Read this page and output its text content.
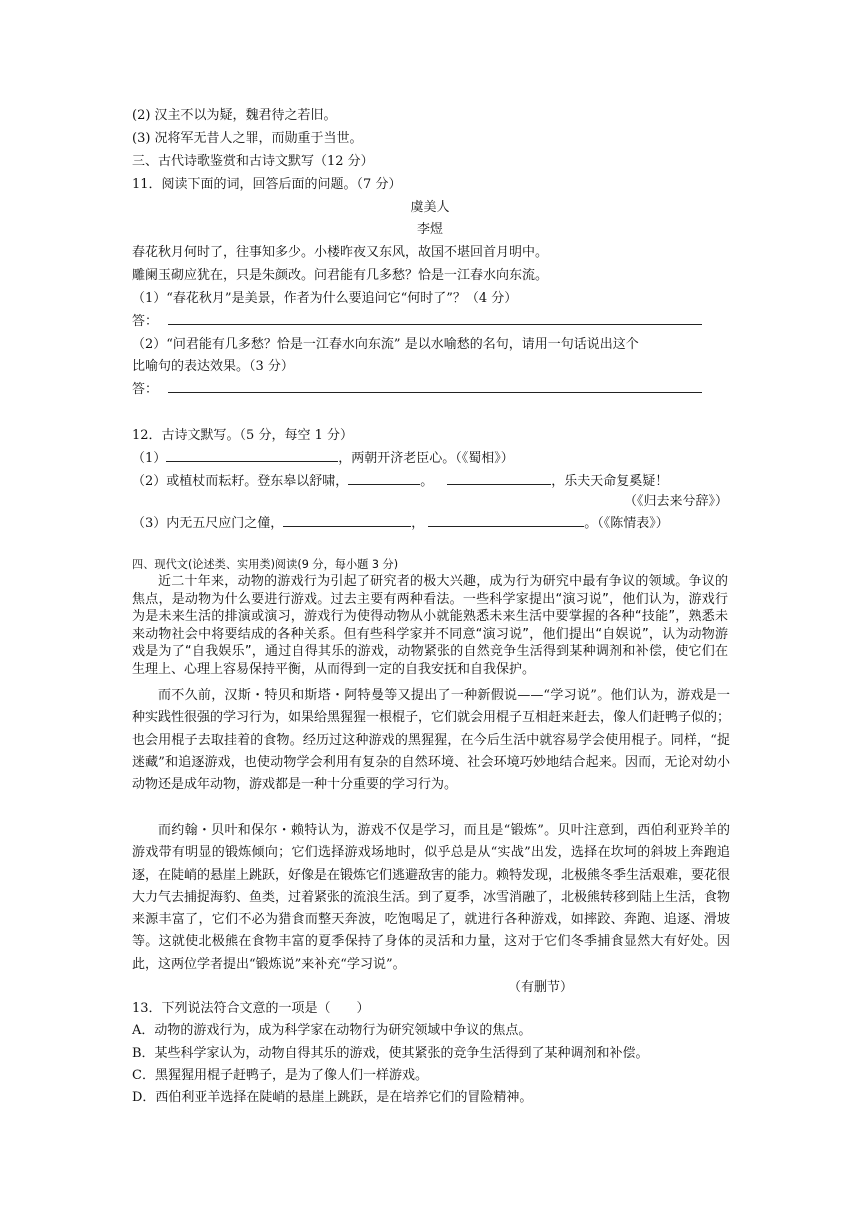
(2) 汉主不以为疑，魏君待之若旧。
(3) 况将军无昔人之罪，而勋重于当世。
三、古代诗歌鉴赏和古诗文默写（12 分）
11．阅读下面的词，回答后面的问题。（7 分）
虞美人
李煜
春花秋月何时了，往事知多少。小楼昨夜又东风，故国不堪回首月明中。
雕阑玉砌应犹在，只是朱颜改。问君能有几多愁？恰是一江春水向东流。
（1）“春花秋月”是美景，作者为什么要追问它“何时了”？（4 分）
答：
（2）“问君能有几多愁？恰是一江春水向东流” 是以水喻愁的名句，请用一句话说出这个
比喻句的表达效果。（3 分）
答：
12．古诗文默写。（5 分，每空 1 分）
（1）	，两朝开济老臣心。（《蜀相》）
（2）或植杖而耘耔。登东皋以舒啸，	。	，乐夫天命复奚疑！
（《归去来兮辞》）
（3）内无五尺应门之僮，	，	。（《陈情表》）
四、现代文(论述类、实用类)阅读(9 分，每小题 3 分)
近二十年来，动物的游戏行为引起了研究者的极大兴趣，成为行为研究中最有争议的领域。争议的焦点，是动物为什么要进行游戏。过去主要有两种看法。一些科学家提出“演习说”，他们认为，游戏行为是未来生活的排演或演习，游戏行为使得动物从小就能熟悉未来生活中要掌握的各种“技能”，熟悉未来动物社会中将要结成的各种关系。但有些科学家并不同意“演习说”，他们提出“自娱说”，认为动物游戏是为了“自我娱乐”，通过自得其乐的游戏，动物紧张的自然竞争生活得到某种调剂和补偿，使它们在生理上、心理上容易保持平衡，从而得到一定的自我安抚和自我保护。
而不久前，汉斯・特贝和斯塔・阿特曼等又提出了一种新假说——“学习说”。他们认为，游戏是一种实践性很强的学习行为，如果给黑猩猩一根棍子，它们就会用棍子互相赶来赶去，像人们赶鸭子似的；也会用棍子去取挂着的食物。经历过这种游戏的黑猩猩，在今后生活中就容易学会使用棍子。同样，“捉迷藏”和追逐游戏，也使动物学会利用有复杂的自然环境、社会环境巧妙地结合起来。因而，无论对幼小动物还是成年动物，游戏都是一种十分重要的学习行为。
而约翰・贝叶和保尔・赖特认为，游戏不仅是学习，而且是“锻炼”。贝叶注意到，西伯利亚羚羊的游戏带有明显的锻炼倾向；它们选择游戏场地时，似乎总是从“实战”出发，选择在坎坷的斜坡上奔跑追逐，在陡峭的悬崖上跳跃，好像是在锻炼它们逃避敌害的能力。赖特发现，北极熊冬季生活艰难，要花很大力气去捕捉海豹、鱼类，过着紧张的流浪生活。到了夏季，冰雪消融了，北极熊转移到陆上生活，食物来源丰富了，它们不必为猎食而整天奔波，吃饱喝足了，就进行各种游戏，如摔跤、奔跑、追逐、滑坡等。这就使北极熊在食物丰富的夏季保持了身体的灵活和力量，这对于它们冬季捕食显然大有好处。因此，这两位学者提出“锻炼说”来补充“学习说”。
（有删节）
13．下列说法符合文意的一项是（　　）
A．动物的游戏行为，成为科学家在动物行为研究领域中争议的焦点。
B．某些科学家认为，动物自得其乐的游戏，使其紧张的竞争生活得到了某种调剂和补偿。
C．黑猩猩用棍子赶鸭子，是为了像人们一样游戏。
D．西伯利亚羊选择在陡峭的悬崖上跳跃，是在培养它们的冒险精神。
